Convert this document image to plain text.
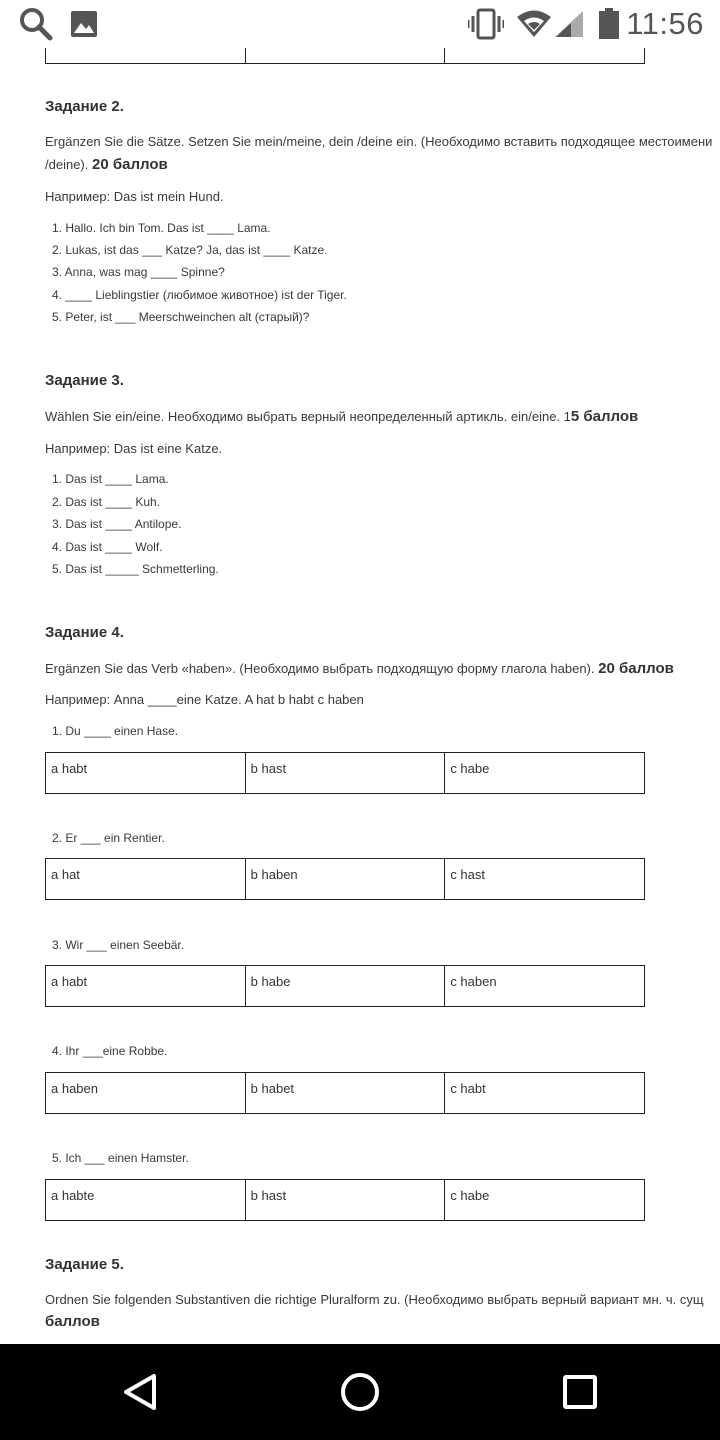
11:56
Задание 2.
Ergänzen Sie die Sätze. Setzen Sie mein/meine, dein /deine ein. (Необходимо вставить подходящее местоимени
/deine). 20 баллов
Например: Das ist mein Hund.
1. Hallo. Ich bin Tom. Das ist ____ Lama.
2. Lukas, ist das ___ Katze? Ja, das ist ____ Katze.
3. Anna, was mag ____ Spinne?
4. ____ Lieblingstier (любимое животное) ist der Tiger.
5. Peter, ist ___ Meerschweinchen alt (старый)?
Задание 3.
Wählen Sie ein/eine. Необходимо выбрать верный неопределенный артикль. ein/eine. 15 баллов
Например: Das ist eine Katze.
1. Das ist ____ Lama.
2. Das ist ____ Kuh.
3. Das ist ____ Antilope.
4. Das ist ____ Wolf.
5. Das ist _____ Schmetterling.
Задание 4.
Ergänzen Sie das Verb «haben». (Необходимо выбрать подходящую форму глагола haben). 20 баллов
Например: Anna ____eine Katze. A hat b habt c haben
1. Du ____ einen Hase.
a habt	b hast	c habe
2. Er ___ ein Rentier.
a hat	b haben	c hast
3. Wir ___ einen Seebär.
a habt	b habe	c haben
4. Ihr ___eine Robbe.
a haben	b habet	c habt
5. Ich ___ einen Hamster.
a habte	b hast	c habe
Задание 5.
Ordnen Sie folgenden Substantiven die richtige Pluralform zu. (Необходимо выбрать верный вариант мн. ч. сущ
баллов
